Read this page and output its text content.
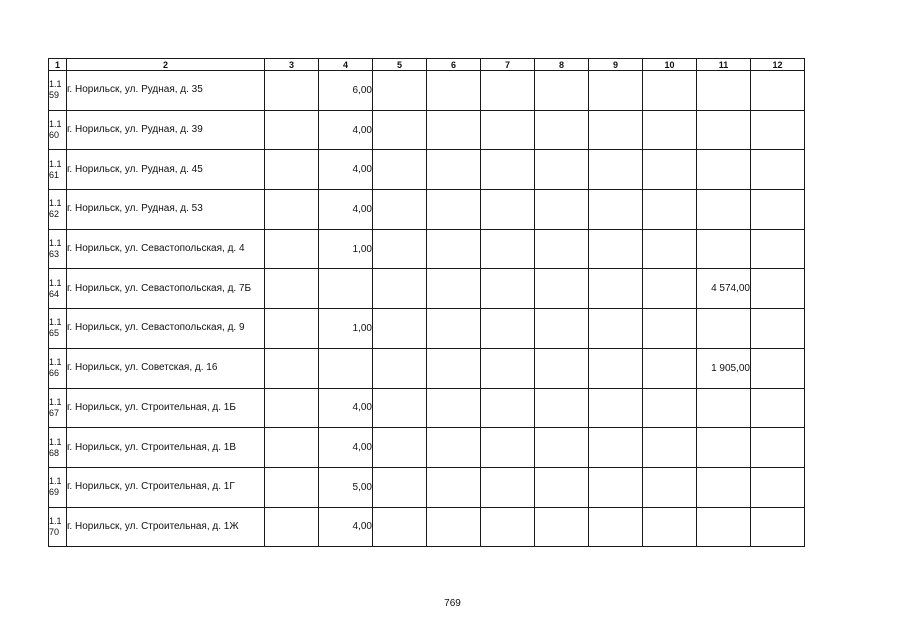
1	2	3	4	5	6	7	8	9	10	11	12
1.1 59	г. Норильск, ул. Рудная, д. 35		6,00								
1.1 60	г. Норильск, ул. Рудная, д. 39		4,00								
1.1 61	г. Норильск, ул. Рудная, д. 45		4,00								
1.1 62	г. Норильск, ул. Рудная, д. 53		4,00								
1.1 63	г. Норильск, ул. Севастопольская, д. 4		1,00								
1.1 64	г. Норильск, ул. Севастопольская, д. 7Б									4 574,00	
1.1 65	г. Норильск, ул. Севастопольская, д. 9		1,00								
1.1 66	г. Норильск, ул. Советская, д. 16									1 905,00	
1.1 67	г. Норильск, ул. Строительная, д. 1Б		4,00								
1.1 68	г. Норильск, ул. Строительная, д. 1В		4,00								
1.1 69	г. Норильск, ул. Строительная, д. 1Г		5,00								
1.1 70	г. Норильск, ул. Строительная, д. 1Ж		4,00								
769
